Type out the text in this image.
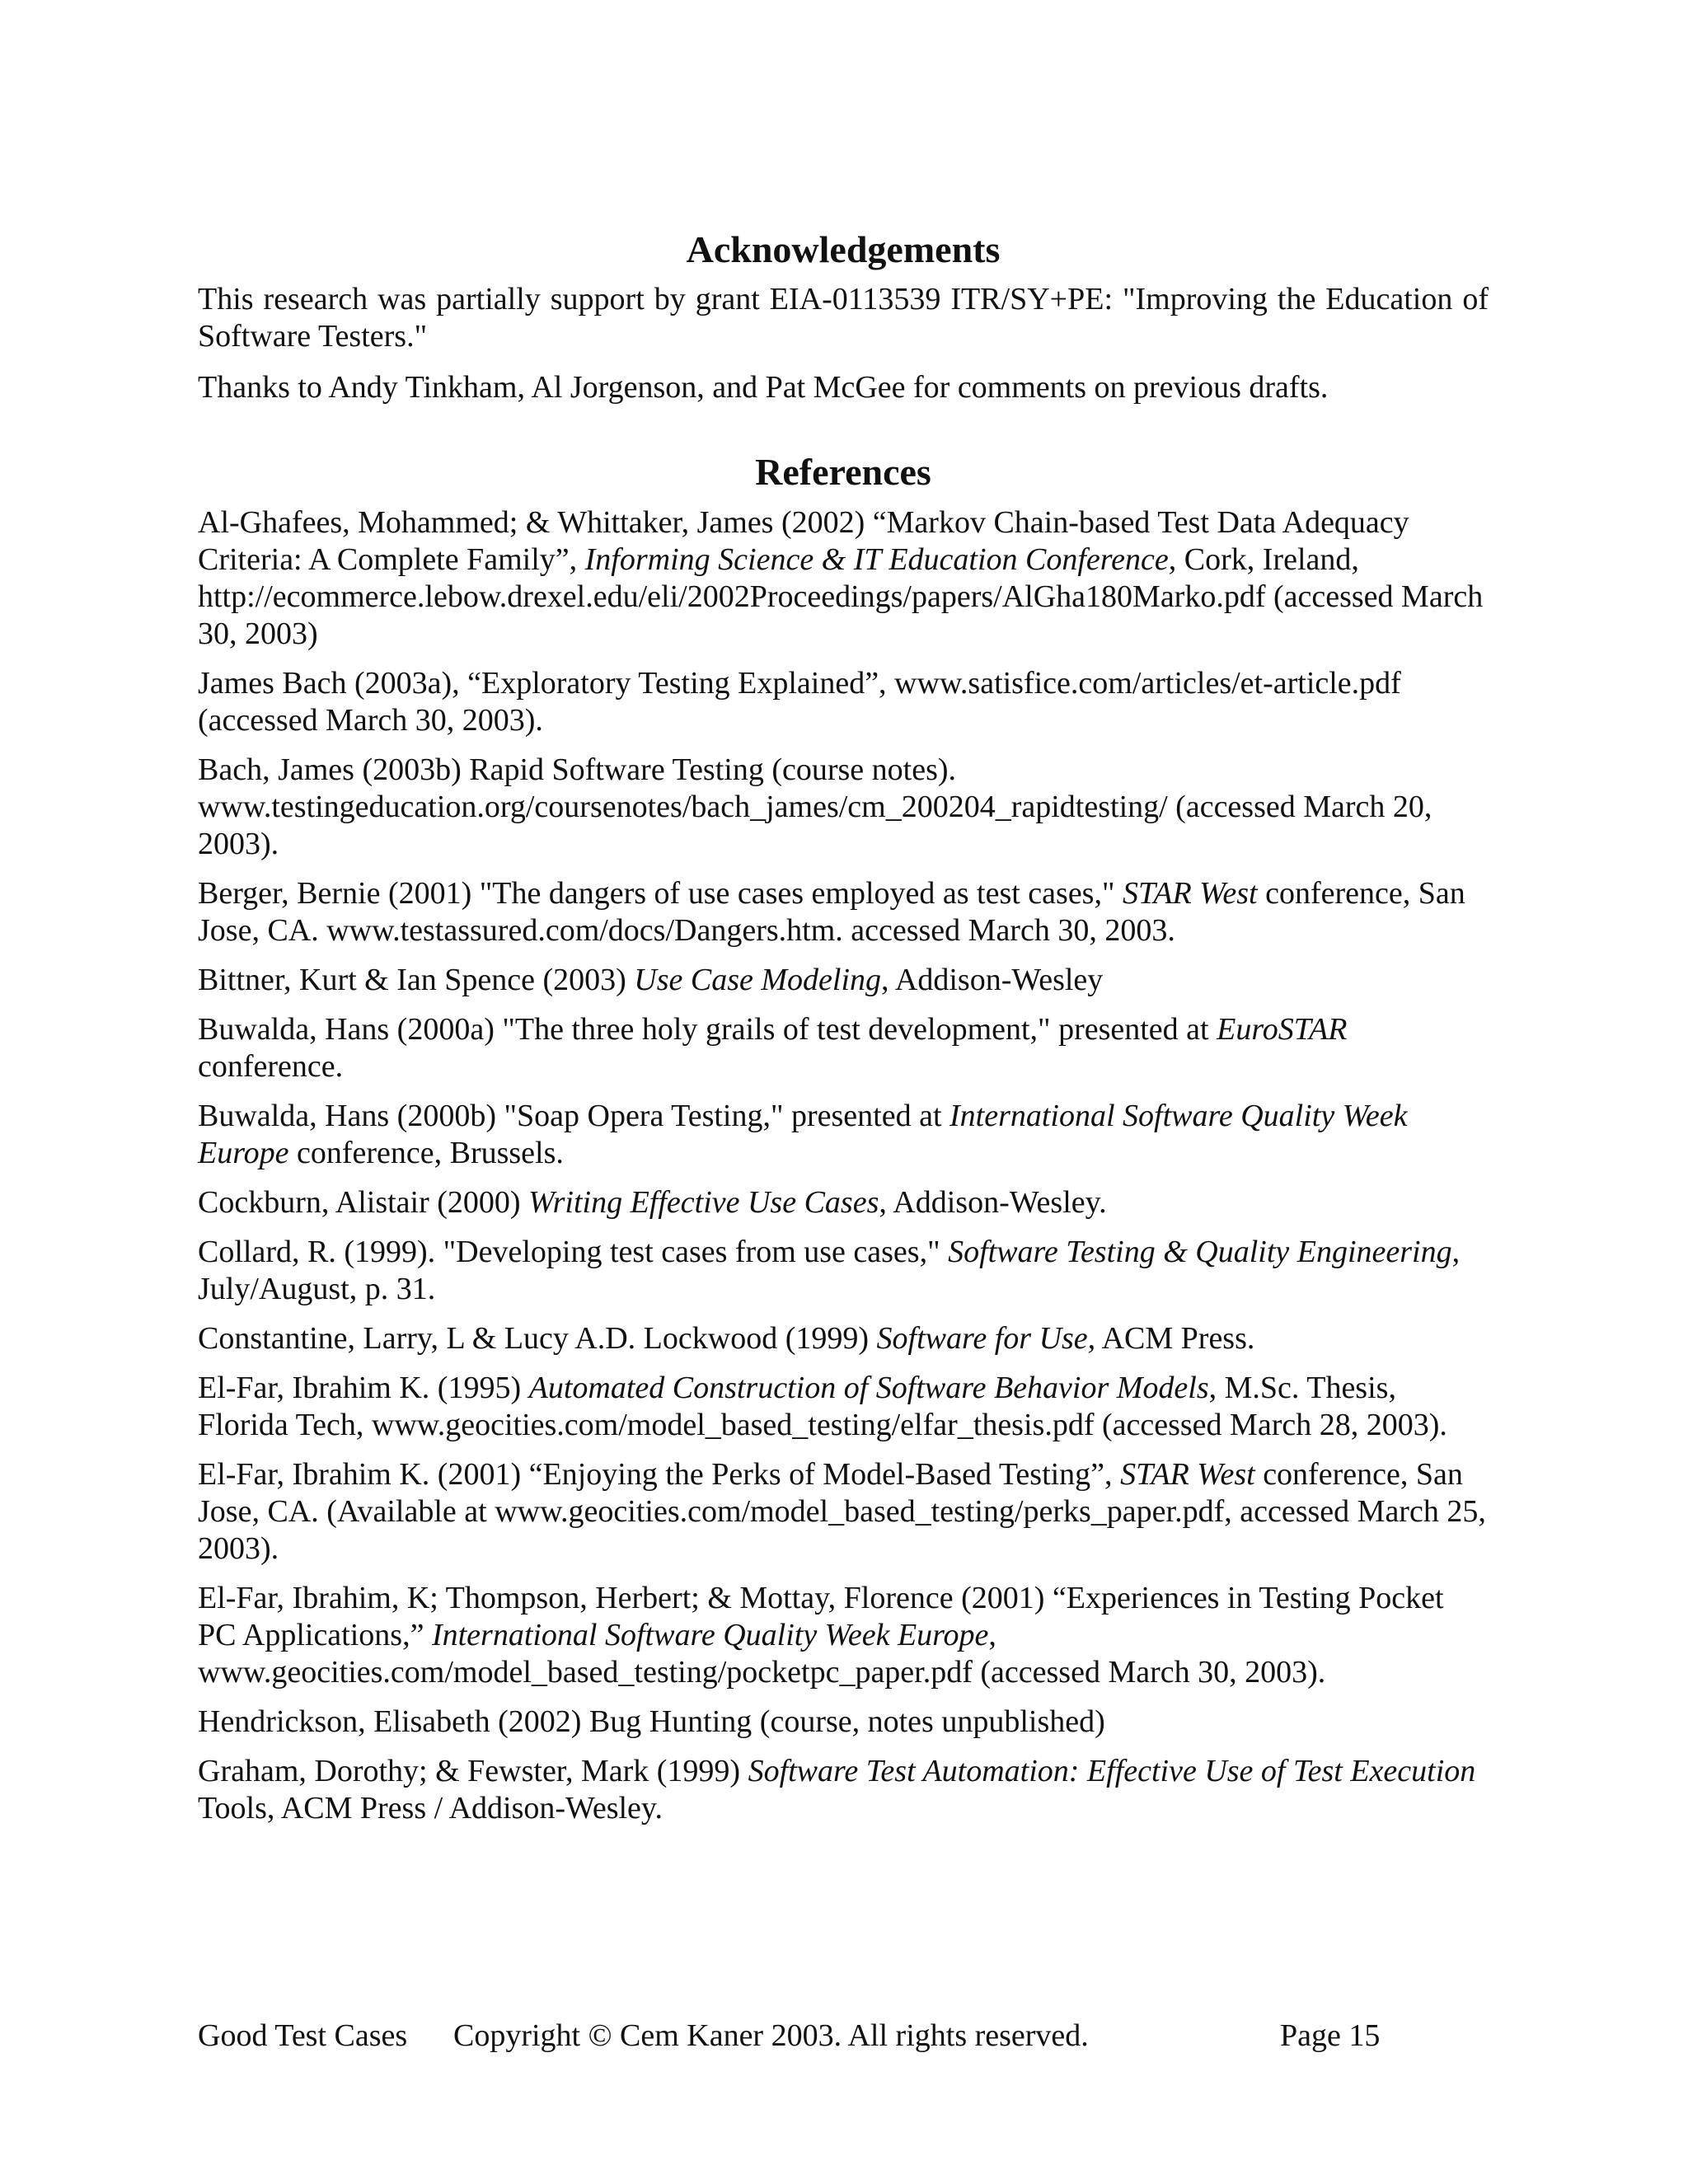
Acknowledgements

This research was partially support by grant EIA-0113539 ITR/SY+PE: "Improving the Education of Software Testers."

Thanks to Andy Tinkham, Al Jorgenson, and Pat McGee for comments on previous drafts.

References

Al-Ghafees, Mohammed; & Whittaker, James (2002) “Markov Chain-based Test Data Adequacy Criteria: A Complete Family”, Informing Science & IT Education Conference, Cork, Ireland, http://ecommerce.lebow.drexel.edu/eli/2002Proceedings/papers/AlGha180Marko.pdf (accessed March 30, 2003)

James Bach (2003a), “Exploratory Testing Explained”, www.satisfice.com/articles/et-article.pdf (accessed March 30, 2003).

Bach, James (2003b) Rapid Software Testing (course notes). www.testingeducation.org/coursenotes/bach_james/cm_200204_rapidtesting/ (accessed March 20, 2003).

Berger, Bernie (2001) "The dangers of use cases employed as test cases," STAR West conference, San Jose, CA. www.testassured.com/docs/Dangers.htm. accessed March 30, 2003.

Bittner, Kurt & Ian Spence (2003) Use Case Modeling, Addison-Wesley

Buwalda, Hans (2000a) "The three holy grails of test development," presented at EuroSTAR conference.

Buwalda, Hans (2000b) "Soap Opera Testing," presented at International Software Quality Week Europe conference, Brussels.

Cockburn, Alistair (2000) Writing Effective Use Cases, Addison-Wesley.

Collard, R. (1999). "Developing test cases from use cases," Software Testing & Quality Engineering, July/August, p. 31.

Constantine, Larry, L & Lucy A.D. Lockwood (1999) Software for Use, ACM Press.

El-Far, Ibrahim K. (1995) Automated Construction of Software Behavior Models, M.Sc. Thesis, Florida Tech, www.geocities.com/model_based_testing/elfar_thesis.pdf (accessed March 28, 2003).

El-Far, Ibrahim K. (2001) “Enjoying the Perks of Model-Based Testing”, STAR West conference, San Jose, CA. (Available at www.geocities.com/model_based_testing/perks_paper.pdf, accessed March 25, 2003).

El-Far, Ibrahim, K; Thompson, Herbert; & Mottay, Florence (2001) “Experiences in Testing Pocket PC Applications,” International Software Quality Week Europe, www.geocities.com/model_based_testing/pocketpc_paper.pdf (accessed March 30, 2003).

Hendrickson, Elisabeth (2002) Bug Hunting (course, notes unpublished)

Graham, Dorothy; & Fewster, Mark (1999) Software Test Automation: Effective Use of Test Execution Tools, ACM Press / Addison-Wesley.

Good Test Cases Copyright © Cem Kaner 2003. All rights reserved.	Page 15
